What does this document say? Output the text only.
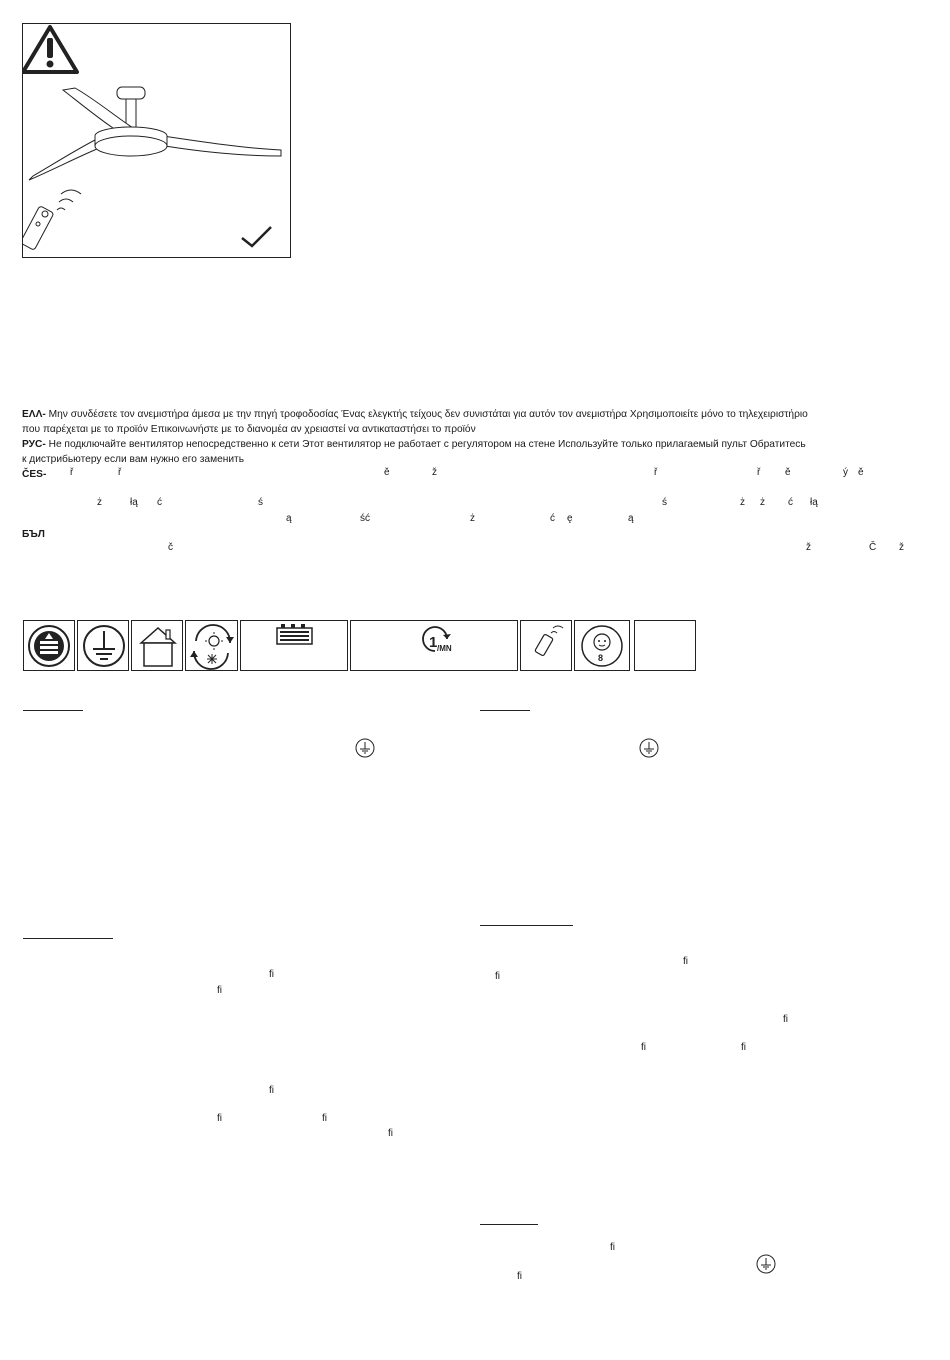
ΕΛΛ- Μην συνδέσετε τον ανεμιστήρα άμεσα με την πηγή τροφοδοσίας Ένας ελεγκτής τείχους δεν συνιστάται για αυτόν τον ανεμιστήρα Χρησιμοποιείτε μόνο το τηλεχειριστήριο
που παρέχεται με το προϊόν Επικοινωνήστε με το διανομέα αν χρειαστεί να αντικαταστήσει το προϊόν
РУС- Не подключайте вентилятор непосредственно к сети Этот вентилятор не работает с регулятором на стене Используйте только прилагаемый пульт Обратитесь
к дистрибьютеру если вам нужно его заменить
ČES-	ř	ř	ě	ž	ř	ř ě	ý ě
ż	łą ć	ś	ś	ż ż ć łą
ą	ść	ż	ć ę	ą
БЪЛ
č	ž	Č ž
1 /MN
8
fi
fi
fi
fi	fi
fi
fi
fi
fi
fi	fi
fi
fi
